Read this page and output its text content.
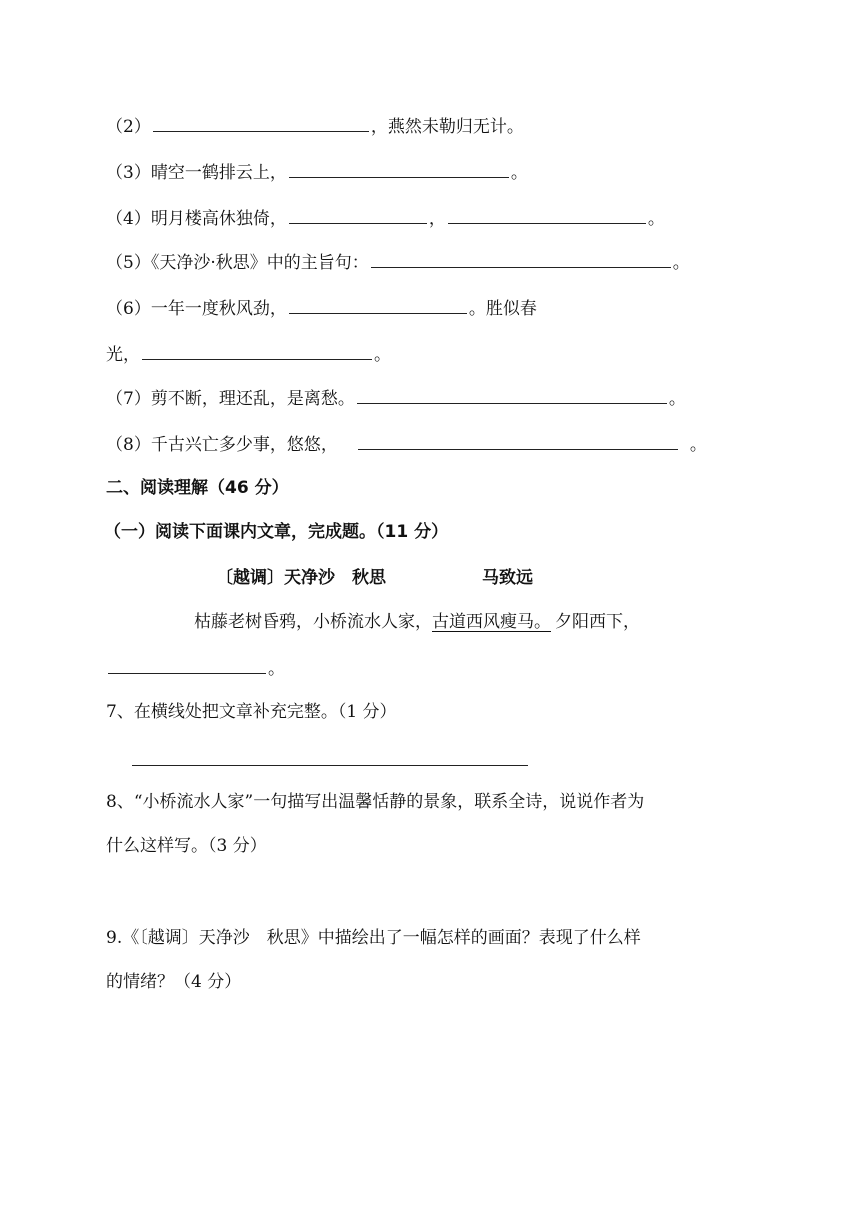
（2）	，燕然未勒归无计。
（3）晴空一鹤排云上，	。
（4）明月楼高休独倚，	，	。
（5）《天净沙·秋思》中的主旨句：	。
（6）一年一度秋风劲，	。胜似春
光，	。
（7）剪不断，理还乱，是离愁。	。
（8）千古兴亡多少事，悠悠，	。
二、阅读理解（46 分）
（一）阅读下面课内文章，完成题。（11 分）
〔越调〕天净沙　秋思	马致远
枯藤老树昏鸦，小桥流水人家，古道西风瘦马。 夕阳西下，
。
7、在横线处把文章补充完整。（1 分）
8、“小桥流水人家”一句描写出温馨恬静的景象，联系全诗，说说作者为
什么这样写。（3 分）
9.《〔越调〕天净沙　秋思》中描绘出了一幅怎样的画面？表现了什么样
的情绪？（4 分）
